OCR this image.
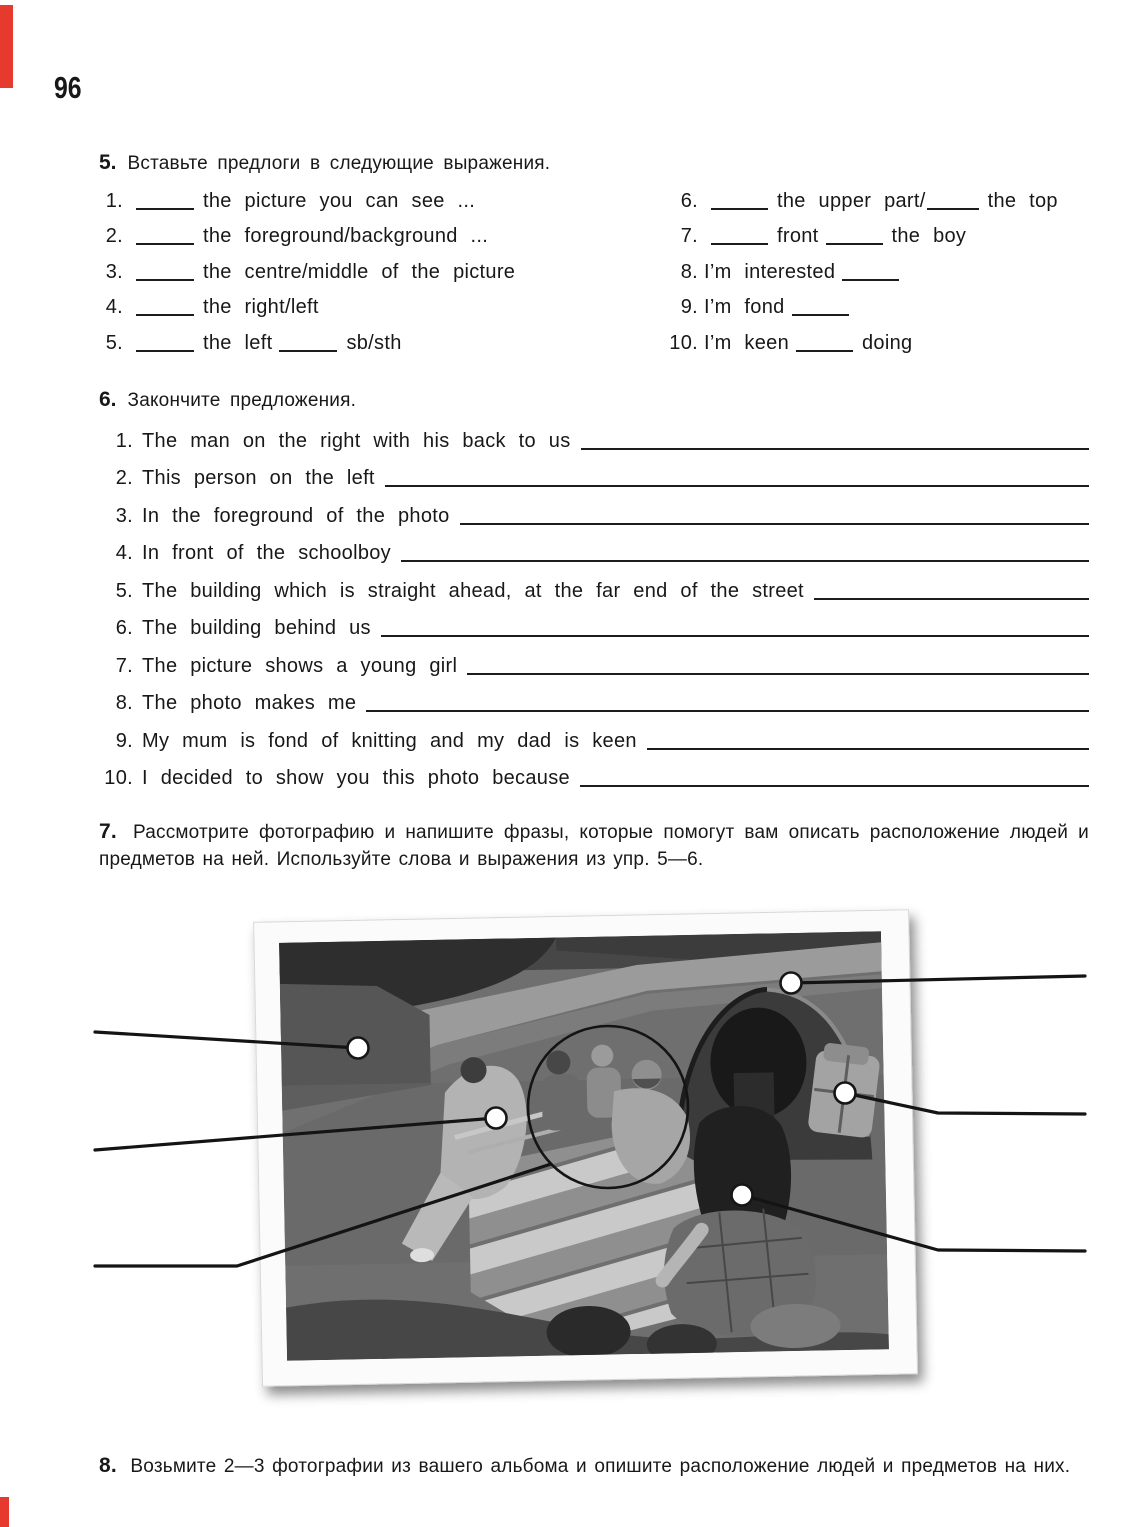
96
5. Вставьте предлоги в следующие выражения.
1.	the picture you can see ...
2.	the foreground/background ...
3.	the centre/middle of the picture
4.	the right/left
5.	the left	sb/sth
6.	the upper part/	the top
7.	front	the boy
8. I’m interested
9. I’m fond
10. I’m keen	doing
6. Закончите предложения.
1. The man on the right with his back to us
2. This person on the left
3. In the foreground of the photo
4. In front of the schoolboy
5. The building which is straight ahead, at the far end of the street
6. The building behind us
7. The picture shows a young girl
8. The photo makes me
9. My mum is fond of knitting and my dad is keen
10. I decided to show you this photo because

7. Рассмотрите фотографию и напишите фразы, которые помогут вам описать расположение людей и предметов на ней. Используйте слова и выражения из упр. 5—6.

8. Возьмите 2—3 фотографии из вашего альбома и опишите расположение людей и предметов на них.
